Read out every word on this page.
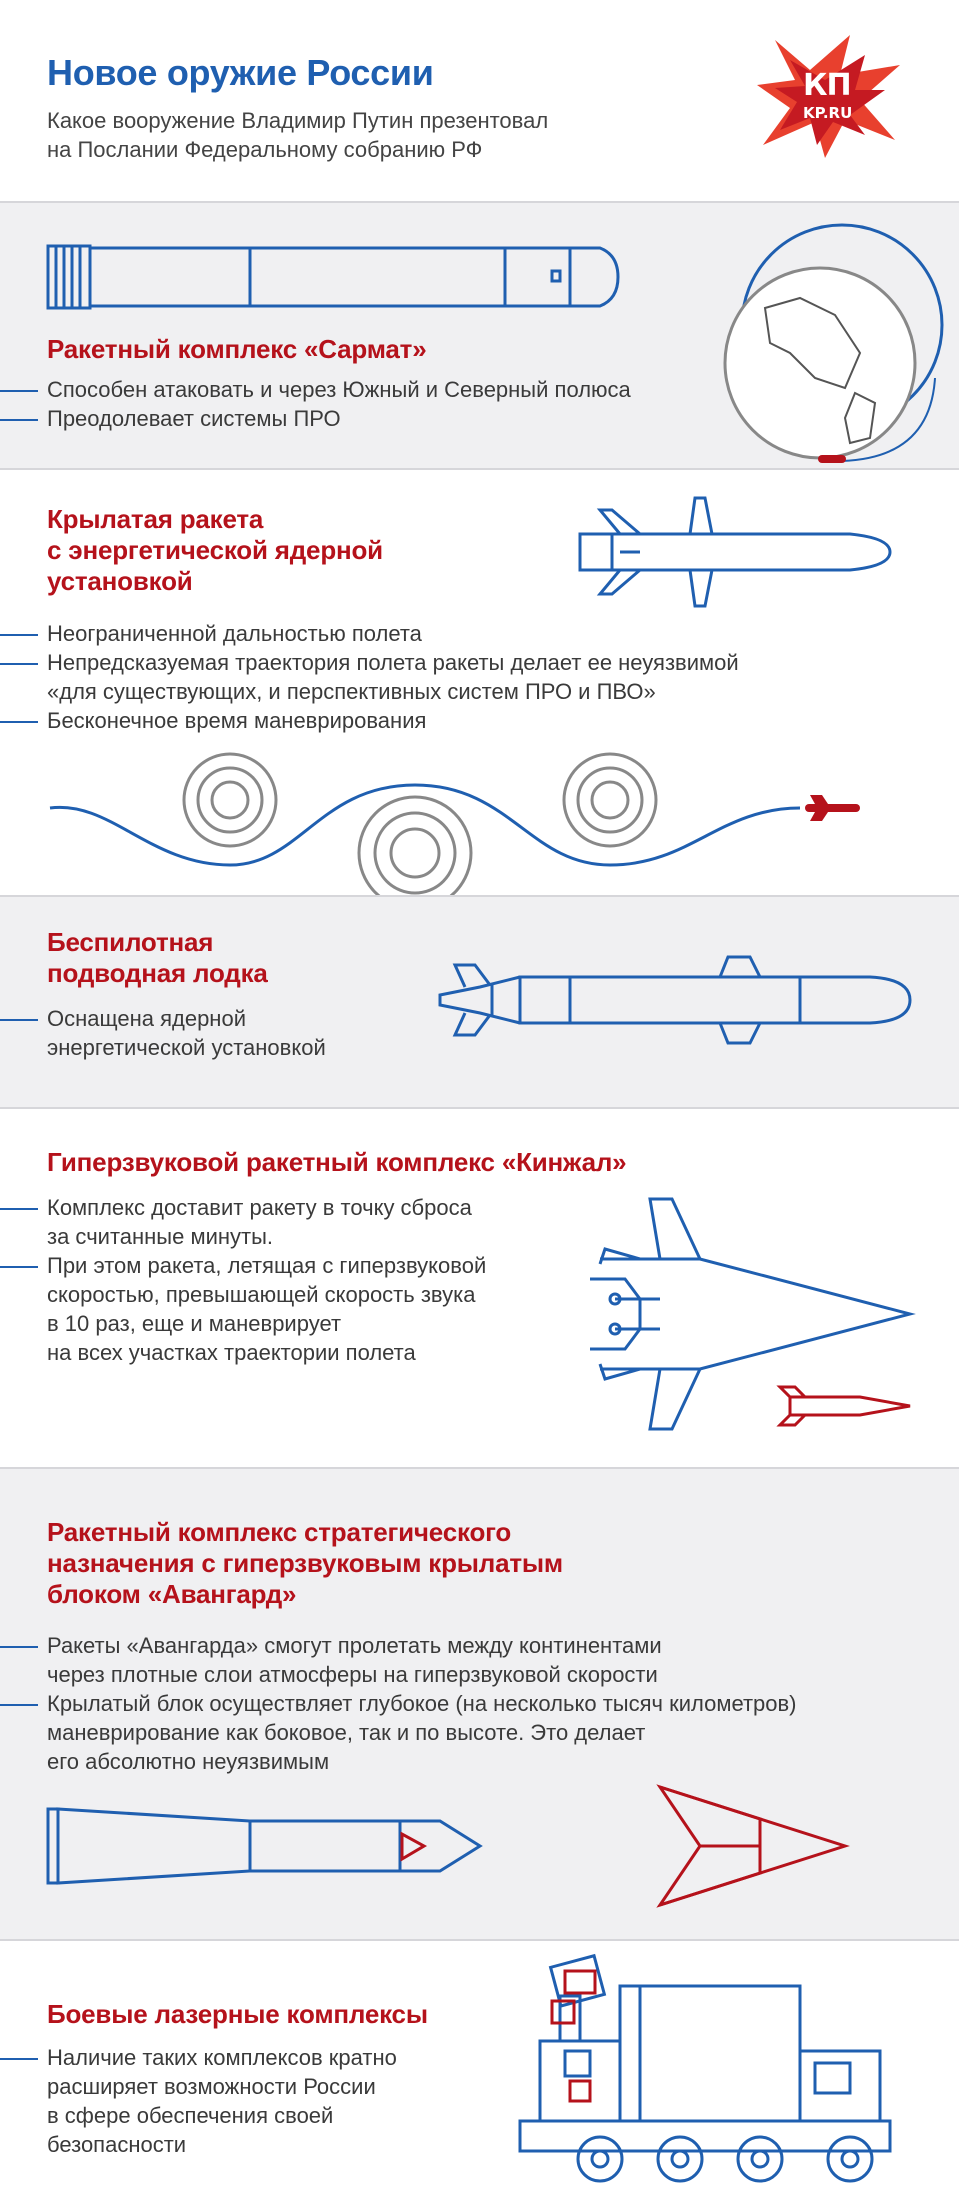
Новое оружие России
Какое вооружение Владимир Путин презентовал
на Послании Федеральному собранию РФ
КП
KP.RU
Ракетный комплекс «Сармат»
Способен атаковать и через Южный и Северный полюса
Преодолевает системы ПРО
Крылатая ракета
с энергетической ядерной
установкой
Неограниченной дальностью полета
Непредсказуемая траектория полета ракеты делает ее неуязвимой
«для существующих, и перспективных систем ПРО и ПВО»
Бесконечное время маневрирования
Беспилотная
подводная лодка
Оснащена ядерной
энергетической установкой
Гиперзвуковой ракетный комплекс «Кинжал»
Комплекс доставит ракету в точку сброса
за считанные минуты.
При этом ракета, летящая с гиперзвуковой
скоростью, превышающей скорость звука
в 10 раз, еще и маневрирует
на всех участках траектории полета
Ракетный комплекс стратегического
назначения с гиперзвуковым крылатым
блоком «Авангард»
Ракеты «Авангарда» смогут пролетать между континентами
через плотные слои атмосферы на гиперзвуковой скорости
Крылатый блок осуществляет глубокое (на несколько тысяч километров)
маневрирование как боковое, так и по высоте. Это делает
его абсолютно неуязвимым
Боевые лазерные комплексы
Наличие таких комплексов кратно
расширяет возможности России
в сфере обеспечения своей
безопасности
